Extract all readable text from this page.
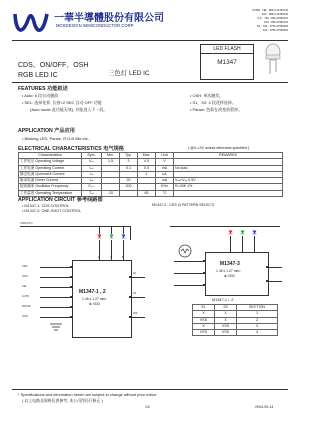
一華半導體股份有限公司
MOSDESIGN SEMICONDUCTOR CORP.
TAIPEI : TEL : 886-2-22783733
FAX : 886-2-22783633
H.K. : TEL : 852-27838123
FAX : 852-27950433
SZ. : TEL : 0755-27856408
FAX : 0755-27566964
CDS、ON/OFF、OSH
RGB LED IC	三色灯 LED IC
LED FLASH
M1347
FEATURES 功能叙述
• Auto: 6 段自动播放
• SEL: 选择花样, 长按>2 SEC 自动 OFF 功能
(Auto mode 此功能无效), 并能进入下一段。
• OSH: 单次触发。
• S1、S2: 4 段花样选择。
• Pause: 色彩在改变前暂停。
APPLICATION 产品应用
• Blinking LED, Pause, R.G.B Mix etc..
ELECTRICAL CHARACTERISTICS 电气规格	( @Vₓ=3V unless otherwise specified )
Characteristics	Sym.	Min.	Typ.	Max.	Unit	REMARKS
工作电压 Operating Voltage	Vₓₓ	1.5	3	4.5	V	
工作电流 Operating Current	Iₒₚ		0.1	0.5	mA	No load
静态电流 Quiescent Current	Iₛₙ			1	uA	
驱动电流 Driver Current	Iₒₕ		20		mA	Vₒₕ=Vₓₓ-0.5V
振荡频率 Oscillator Frequency	Fₒₛₓ		200		KHz	R=30K 1%
工作温度 Operating Temperature	Tₒₚ	-20		65	°C	
APPLICATION CIRCUIT 参考线路图
• M1347-1: CDS CONTROL
• M1347-2: ONE-SHOT CONTROL
M1347-3 : CDS (4 PATTERN SELECT)
VDD(4.5V)
R	G	B
M1347-1 , 2
1.45 x 1.27 mm²
⊗ VDD
VDD
OSH
SEL
AUTO
PAUSE
GND
S1
S2
30K
M1347-3
1.45 x 1.27 mm²
⊗ VDD
M1347-1 / -2
S1	S2	SECTION
X	X	1
VSS	X	2
X	VSS	3
VSS	VSS	4
* Specifications and information herein are subject to change without prior notice.
( 以上电路及规格仅供参考, 本公司得径行修正 )
1/2	2004-09-14
